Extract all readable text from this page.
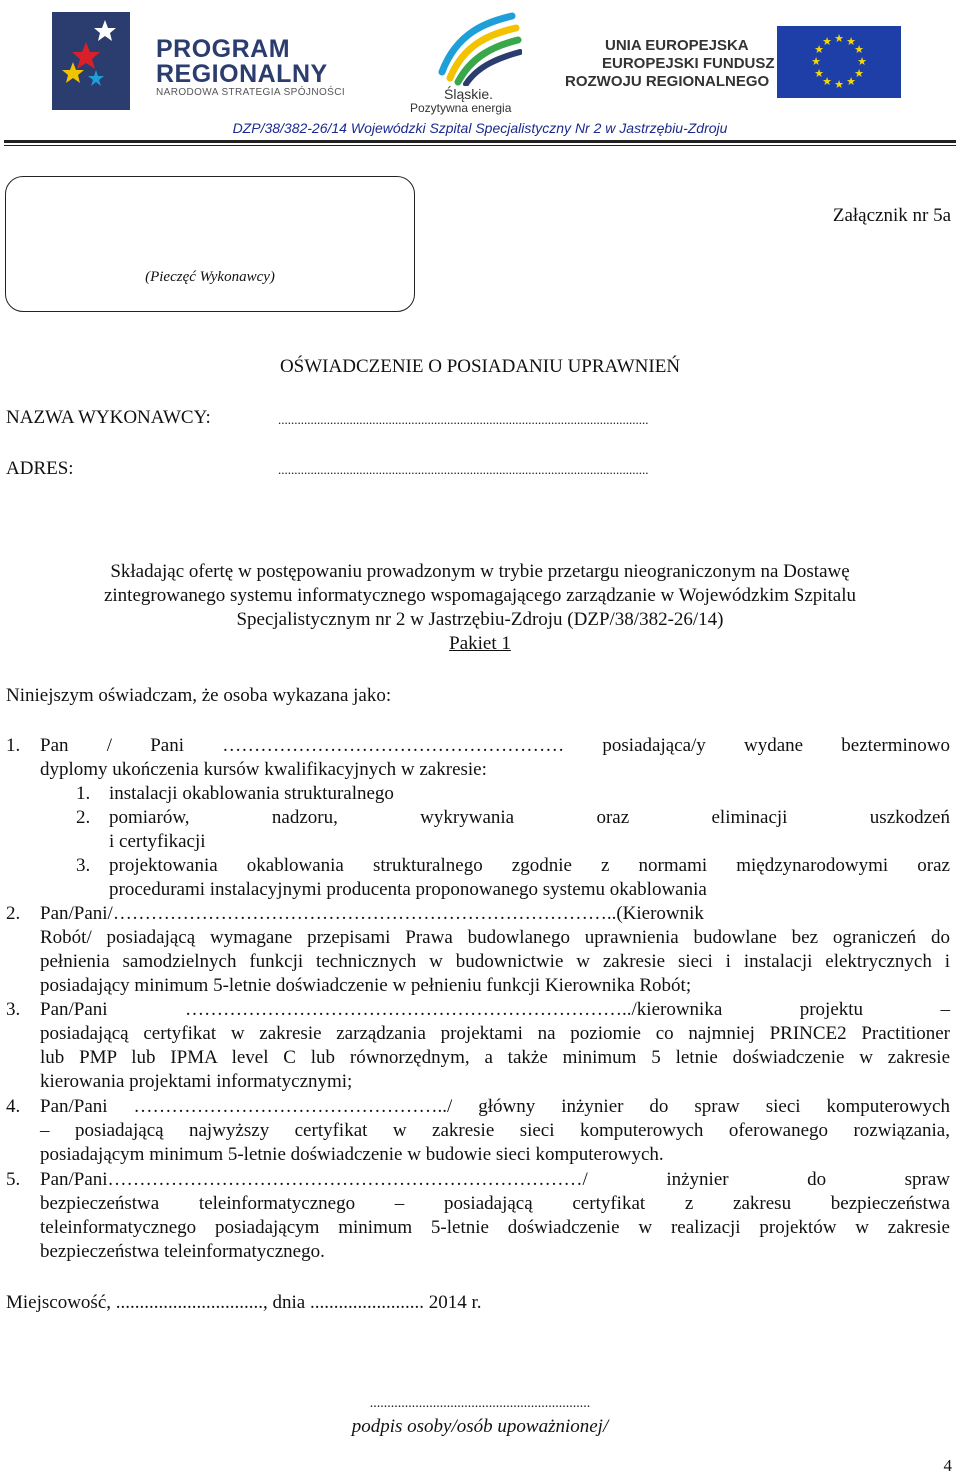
PROGRAM
REGIONALNY
NARODOWA STRATEGIA SPÓJNOŚCI	Śląskie.
Pozytywna energia
UNIA EUROPEJSKA
EUROPEJSKI FUNDUSZ
ROZWOJU REGIONALNEGO
★ ★
★
★
★
★
★
★
★
★
★
★
DZP/38/382-26/14 Wojewódzki Szpital Specjalistyczny Nr 2 w Jastrzębiu-Zdroju
(Pieczęć Wykonawcy)
Załącznik nr 5a
OŚWIADCZENIE O POSIADANIU UPRAWNIEŃ
NAZWA WYKONAWCY:	..................................................................................................................
ADRES:	..................................................................................................................
Składając ofertę w postępowaniu prowadzonym w trybie przetargu nieograniczonym na Dostawę
zintegrowanego systemu informatycznego wspomagającego zarządzanie w Wojewódzkim Szpitalu
Specjalistycznym nr 2 w Jastrzębiu-Zdroju (DZP/38/382-26/14)
Pakiet 1
Niniejszym oświadczam, że osoba wykazana jako:
1. Pan / Pani ……………………………………………… posiadająca/y wydane bezterminowo
dyplomy ukończenia kursów kwalifikacyjnych w zakresie:
1. instalacji okablowania strukturalnego
2. pomiarów, nadzoru, wykrywania oraz eliminacji uszkodzeń
i certyfikacji
3. projektowania okablowania strukturalnego zgodnie z normami międzynarodowymi oraz
procedurami instalacyjnymi producenta proponowanego systemu okablowania
2. Pan/Pani/……………………………………………………………………..(Kierownik
Robót/ posiadającą wymagane przepisami Prawa budowlanego uprawnienia budowlane bez ograniczeń do
pełnienia samodzielnych funkcji technicznych w budownictwie w zakresie sieci i instalacji elektrycznych i
posiadający minimum 5-letnie doświadczenie w pełnieniu funkcji Kierownika Robót;
3. Pan/Pani ……………………………………………………………../kierownika projektu –
posiadającą certyfikat w zakresie zarządzania projektami na poziomie co najmniej PRINCE2 Practitioner
lub PMP lub IPMA level C lub równorzędnym, a także minimum 5 letnie doświadczenie w zakresie
kierowania projektami informatycznymi;
4. Pan/Pani …………………………………………../ główny inżynier do spraw sieci komputerowych
– posiadającą najwyższy certyfikat w zakresie sieci komputerowych oferowanego rozwiązania,
posiadającym minimum 5-letnie doświadczenie w budowie sieci komputerowych.
5. Pan/Pani…………………………………………………………………/ inżynier do spraw
bezpieczeństwa teleinformatycznego – posiadającą certyfikat z zakresu bezpieczeństwa
teleinformatycznego posiadającym minimum 5-letnie doświadczenie w realizacji projektów w zakresie
bezpieczeństwa teleinformatycznego.
Miejscowość, ..............................., dnia ........................ 2014 r.
...............................................................
podpis osoby/osób upoważnionej/
4
